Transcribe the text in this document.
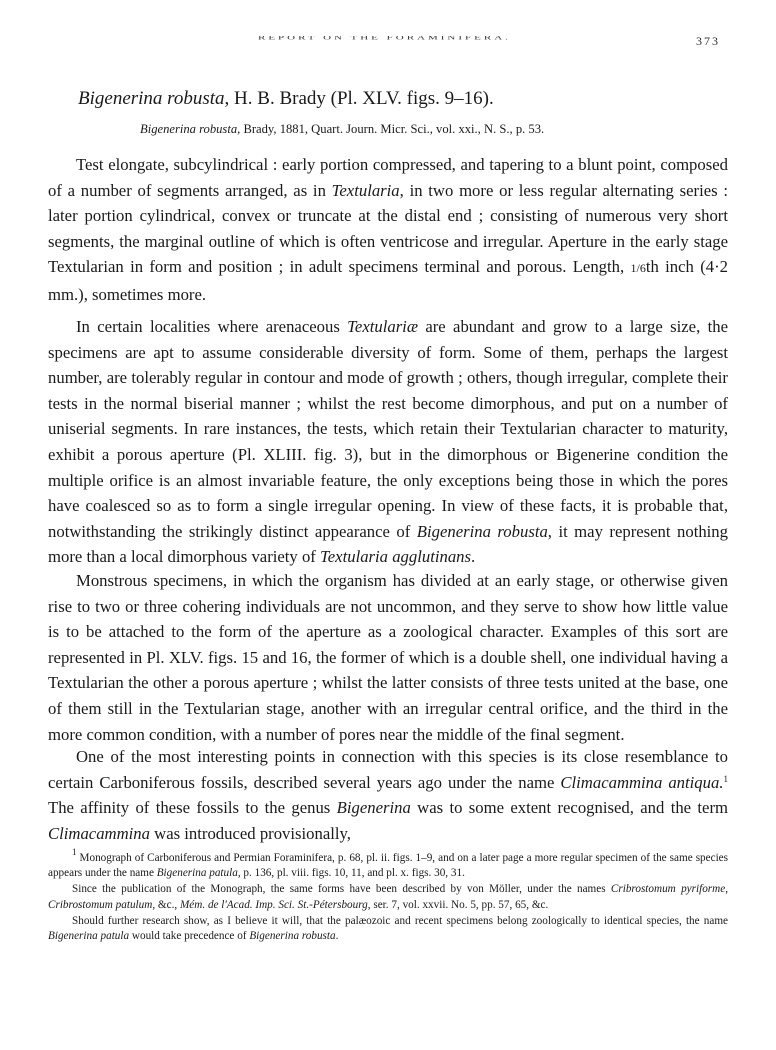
REPORT ON THE FORAMINIFERA.	373
Bigenerina robusta, H. B. Brady (Pl. XLV. figs. 9–16).
Bigenerina robusta, Brady, 1881, Quart. Journ. Micr. Sci., vol. xxi., N. S., p. 53.

Test elongate, subcylindrical : early portion compressed, and tapering to a blunt point, composed of a number of segments arranged, as in Textularia, in two more or less regular alternating series : later portion cylindrical, convex or truncate at the distal end ; consisting of numerous very short segments, the marginal outline of which is often ventricose and irregular. Aperture in the early stage Textularian in form and position ; in adult specimens terminal and porous. Length, 1/6th inch (4·2 mm.), sometimes more.

In certain localities where arenaceous Textulariæ are abundant and grow to a large size, the specimens are apt to assume considerable diversity of form. Some of them, perhaps the largest number, are tolerably regular in contour and mode of growth ; others, though irregular, complete their tests in the normal biserial manner ; whilst the rest become dimorphous, and put on a number of uniserial segments. In rare instances, the tests, which retain their Textularian character to maturity, exhibit a porous aperture (Pl. XLIII. fig. 3), but in the dimorphous or Bigenerine condition the multiple orifice is an almost invariable feature, the only exceptions being those in which the pores have coalesced so as to form a single irregular opening. In view of these facts, it is probable that, notwithstanding the strikingly distinct appearance of Bigenerina robusta, it may represent nothing more than a local dimorphous variety of Textularia agglutinans.

Monstrous specimens, in which the organism has divided at an early stage, or otherwise given rise to two or three cohering individuals are not uncommon, and they serve to show how little value is to be attached to the form of the aperture as a zoological character. Examples of this sort are represented in Pl. XLV. figs. 15 and 16, the former of which is a double shell, one individual having a Textularian the other a porous aperture ; whilst the latter consists of three tests united at the base, one of them still in the Textularian stage, another with an irregular central orifice, and the third in the more common condition, with a number of pores near the middle of the final segment.

One of the most interesting points in connection with this species is its close resemblance to certain Carboniferous fossils, described several years ago under the name Climacammina antiqua.$^1$ The affinity of these fossils to the genus Bigenerina was to some extent recognised, and the term Climacammina was introduced provisionally,

$^1$ Monograph of Carboniferous and Permian Foraminifera, p. 68, pl. ii. figs. 1–9, and on a later page a more regular specimen of the same species appears under the name Bigenerina patula, p. 136, pl. viii. figs. 10, 11, and pl. x. figs. 30, 31.

Since the publication of the Monograph, the same forms have been described by von Möller, under the names Cribrostomum pyriforme, Cribrostomum patulum, &c., Mém. de l'Acad. Imp. Sci. St.-Pétersbourg, ser. 7, vol. xxvii. No. 5, pp. 57, 65, &c.

Should further research show, as I believe it will, that the palæozoic and recent specimens belong zoologically to identical species, the name Bigenerina patula would take precedence of Bigenerina robusta.
